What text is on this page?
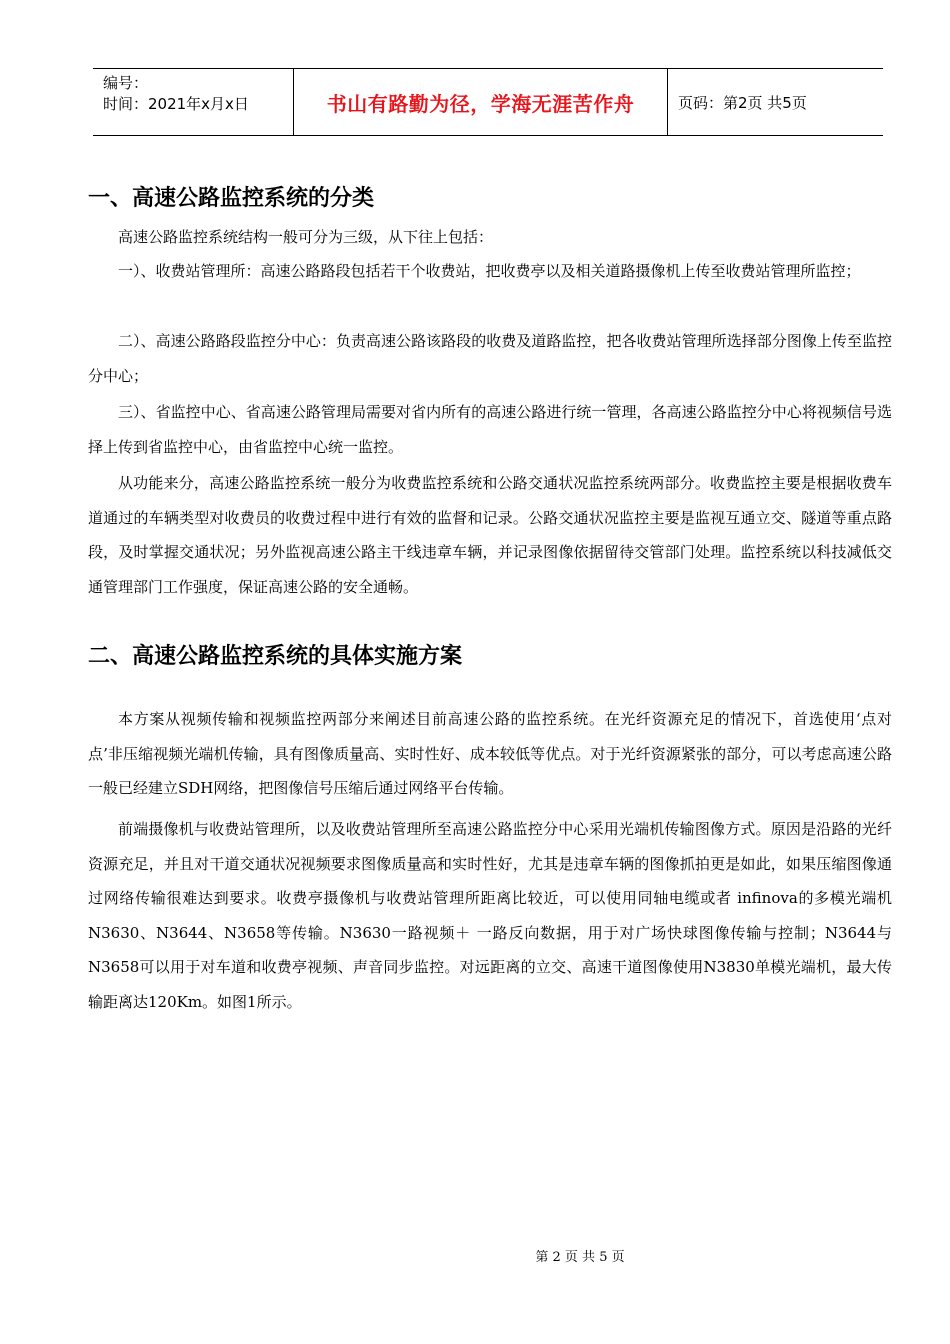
编号：
时间：2021年x月x日	书山有路勤为径，学海无涯苦作舟	页码：第2页 共5页
一、高速公路监控系统的分类

高速公路监控系统结构一般可分为三级，从下往上包括：

一）、收费站管理所：高速公路路段包括若干个收费站，把收费亭以及相关道路摄像机上传至收费站管理所监控；

二）、高速公路路段监控分中心：负责高速公路该路段的收费及道路监控，把各收费站管理所选择部分图像上传至监控分中心；

三）、省监控中心、省高速公路管理局需要对省内所有的高速公路进行统一管理，各高速公路监控分中心将视频信号选择上传到省监控中心，由省监控中心统一监控。

从功能来分，高速公路监控系统一般分为收费监控系统和公路交通状况监控系统两部分。收费监控主要是根据收费车道通过的车辆类型对收费员的收费过程中进行有效的监督和记录。公路交通状况监控主要是监视互通立交、隧道等重点路段，及时掌握交通状况；另外监视高速公路主干线违章车辆，并记录图像依据留待交管部门处理。监控系统以科技减低交通管理部门工作强度，保证高速公路的安全通畅。

二、高速公路监控系统的具体实施方案

本方案从视频传输和视频监控两部分来阐述目前高速公路的监控系统。在光纤资源充足的情况下，首选使用‘点对点’非压缩视频光端机传输，具有图像质量高、实时性好、成本较低等优点。对于光纤资源紧张的部分，可以考虑高速公路一般已经建立SDH网络，把图像信号压缩后通过网络平台传输。

前端摄像机与收费站管理所，以及收费站管理所至高速公路监控分中心采用光端机传输图像方式。原因是沿路的光纤资源充足，并且对干道交通状况视频要求图像质量高和实时性好，尤其是违章车辆的图像抓拍更是如此，如果压缩图像通过网络传输很难达到要求。收费亭摄像机与收费站管理所距离比较近，可以使用同轴电缆或者 infinova的多模光端机N3630、N3644、N3658等传输。N3630一路视频＋ 一路反向数据，用于对广场快球图像传输与控制；N3644与N3658可以用于对车道和收费亭视频、声音同步监控。对远距离的立交、高速干道图像使用N3830单模光端机，最大传输距离达120Km。如图1所示。

第 2 页 共 5 页
